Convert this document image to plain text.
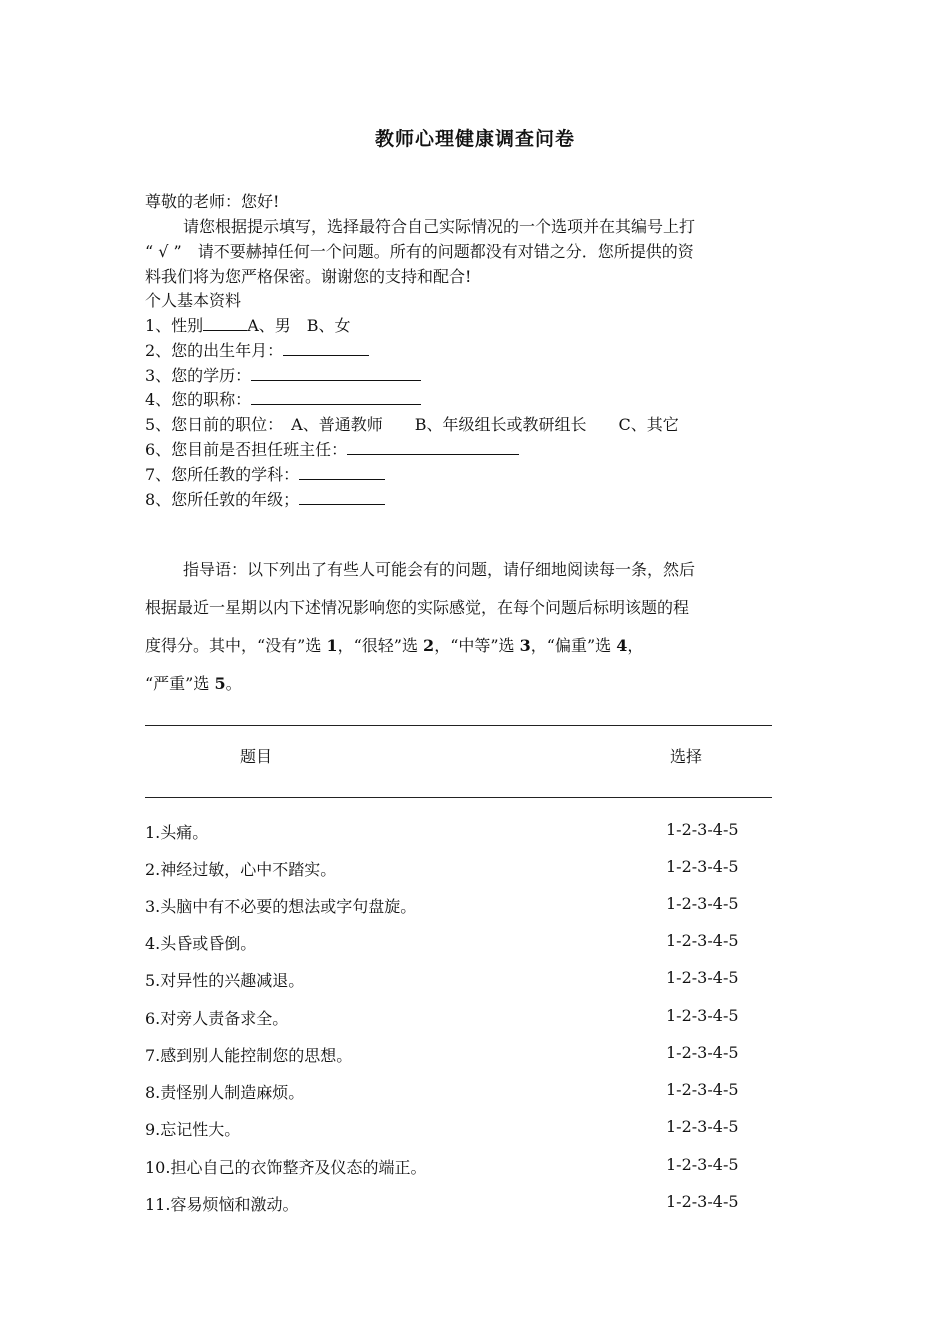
教师心理健康调查问卷
尊敬的老师：您好!
请您根据提示填写，选择最符合自己实际情况的一个选项并在其编号上打
“ √ ”　请不要赫掉任何一个问题。所有的问题都没有对错之分．您所提供的资
料我们将为您严格保密。谢谢您的支持和配合!
个人基本资料
1、性别	A、男　B、女
2、您的出生年月：
3、您的学历：
4、您的职称：
5、您日前的职位：　A、普通教师　　B、年级组长或教研组长　　C、其它
6、您目前是否担任班主任：
7、您所任教的学科：
8、您所任敦的年级；
指导语：以下列出了有些人可能会有的问题，请仔细地阅读每一条，然后
根据最近一星期以内下述情况影响您的实际感觉，在每个问题后标明该题的程
度得分。其中，“没有”选 1，“很轻”选 2，“中等”选 3，“偏重”选 4，
“严重”选 5。
题目	选择
1.头痛。	1-2-3-4-5
2.神经过敏，心中不踏实。	1-2-3-4-5
3.头脑中有不必要的想法或字句盘旋。	1-2-3-4-5
4.头昏或昏倒。	1-2-3-4-5
5.对异性的兴趣减退。	1-2-3-4-5
6.对旁人责备求全。	1-2-3-4-5
7.感到别人能控制您的思想。	1-2-3-4-5
8.责怪别人制造麻烦。	1-2-3-4-5
9.忘记性大。	1-2-3-4-5
10.担心自己的衣饰整齐及仪态的端正。	1-2-3-4-5
11.容易烦恼和激动。	1-2-3-4-5
